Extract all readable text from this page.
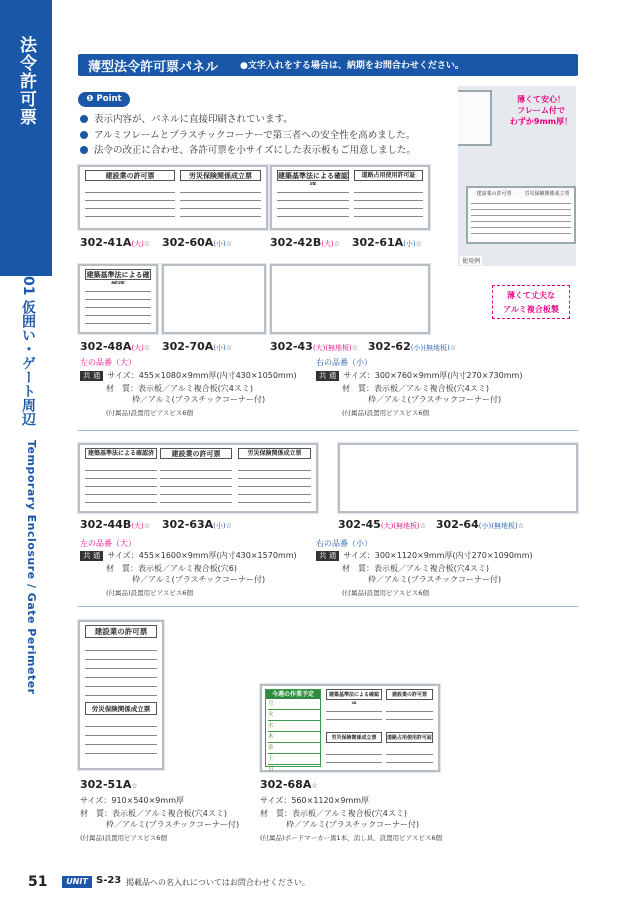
法令許可票
01 仮囲い・ゲート周辺
Temporary Enclosure / Gate Perimeter
薄型法令許可票パネル ●文字入れをする場合は、納期をお問合わせください。
❶ Point
表示内容が、パネルに直接印刷されています。
アルミフレームとプラスチックコーナーで第三者への安全性を高めました。
法令の改正に合わせ、各許可票を小サイズにした表示板もご用意しました。
建設業の許可票	労災保険関係成立票
使用例
薄くて安心！
フレーム付で
わずか9mm厚！
薄くて丈夫な
アルミ複合板製
建設業の許可票	労災保険関係成立票	建築基準法による確認	道路占用使用許可証
302-41A(大)☆ 302-60A(小)☆	302-42B(大)☆ 302-61A(小)☆
建築基準法による確
302-48A(大)☆ 302-70A(小)☆	302-43(大)(無地板)☆ 302-62(小)(無地板)☆
左の品番（大）	右の品番（小）
共 通 サイズ：455×1080×9mm厚(内寸430×1050mm)	共 通 サイズ：300×760×9mm厚(内寸270×730mm)
材　質：表示板／アルミ複合板(穴4スミ)
枠／アルミ(プラスチックコーナー付)
材　質：表示板／アルミ複合板(穴4スミ)
枠／アルミ(プラスチックコーナー付)
(付属品)設置用ビアスビス6個	(付属品)設置用ビアスビス6個
建築基準法による確認済	建設業の許可票	労災保険関係成立票
302-44B(大)☆ 302-63A(小)☆	302-45(大)(無地板)☆ 302-64(小)(無地板)☆
左の品番（大）	右の品番（小）
共 通 サイズ：455×1600×9mm厚(内寸430×1570mm)	共 通 サイズ：300×1120×9mm厚(内寸270×1090mm)
材　質：表示板／アルミ複合板(穴6)
枠／アルミ(プラスチックコーナー付)
材　質：表示板／アルミ複合板(穴4スミ)
枠／アルミ(プラスチックコーナー付)
(付属品)設置用ビアスビス6個	(付属品)設置用ビアスビス6個
建設業の許可票
労災保険関係成立票
今週の作業予定
月
火
水
木
金
土
日
建築基準法による確認	建設業の許可票
労災保険関係成立票	道路占用使用許可証
302-51A☆	302-68A☆
サイズ：910×540×9mm厚
材　質：表示板／アルミ複合板(穴4スミ)
枠／アルミ(プラスチックコーナー付)
(付属品)設置用ビアスビス6個
サイズ：560×1120×9mm厚
材　質：表示板／アルミ複合板(穴4スミ)
枠／アルミ(プラスチックコーナー付)
(付属品)ボードマーカー黒1本、消し具、設置用ビアスビス6個
51	UNIT S-23 掲載品への名入れについてはお問合わせください。
